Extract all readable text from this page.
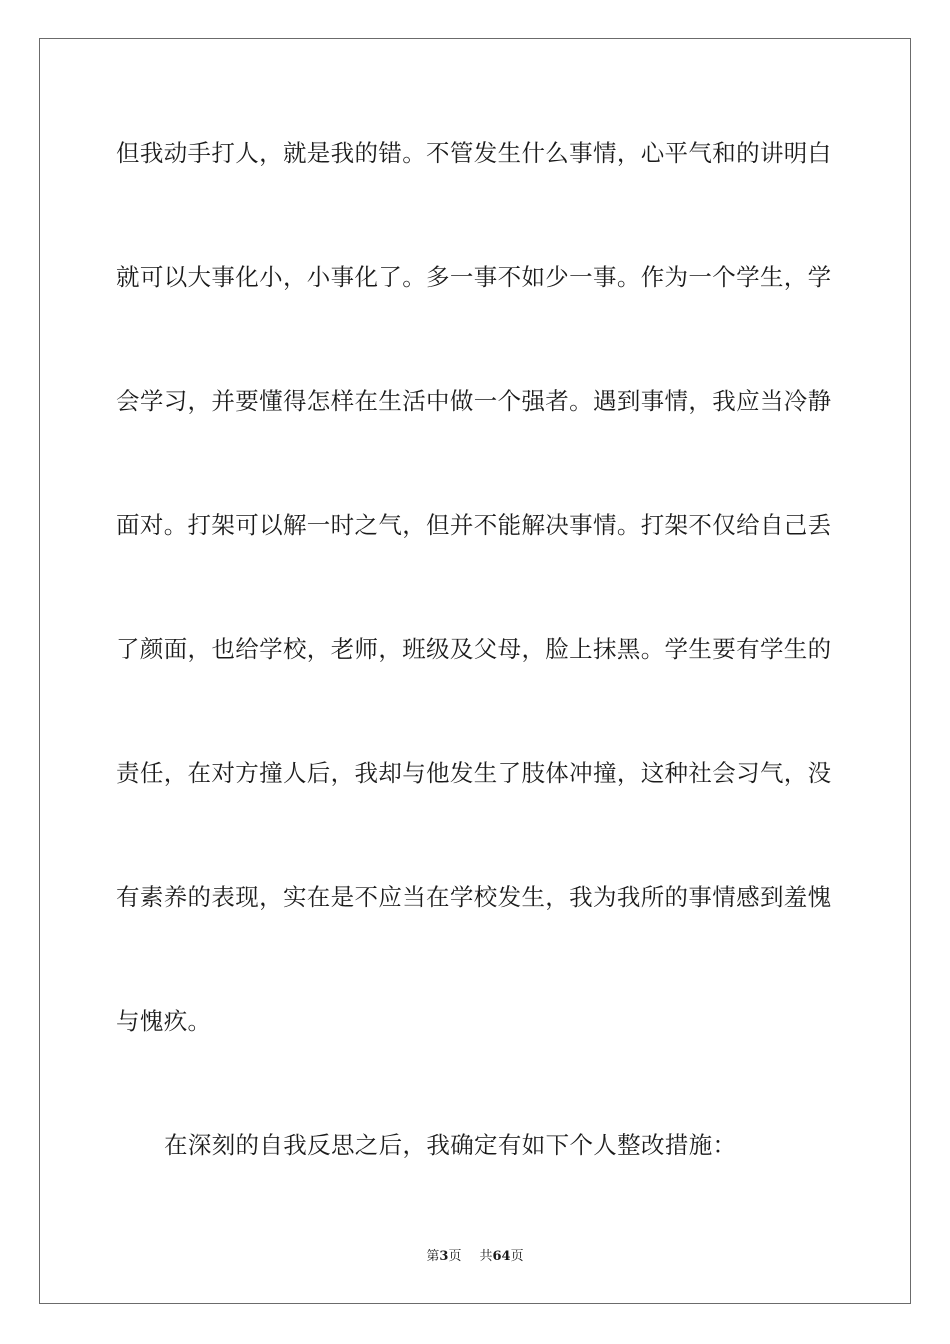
但我动手打人，就是我的错。不管发生什么事情，心平气和的讲明白
就可以大事化小，小事化了。多一事不如少一事。作为一个学生，学
会学习，并要懂得怎样在生活中做一个强者。遇到事情，我应当冷静
面对。打架可以解一时之气，但并不能解决事情。打架不仅给自己丢
了颜面，也给学校，老师，班级及父母，脸上抹黑。学生要有学生的
责任，在对方撞人后，我却与他发生了肢体冲撞，这种社会习气，没
有素养的表现，实在是不应当在学校发生，我为我所的事情感到羞愧
与愧疚。
在深刻的自我反思之后，我确定有如下个人整改措施：
第3页 共64页
